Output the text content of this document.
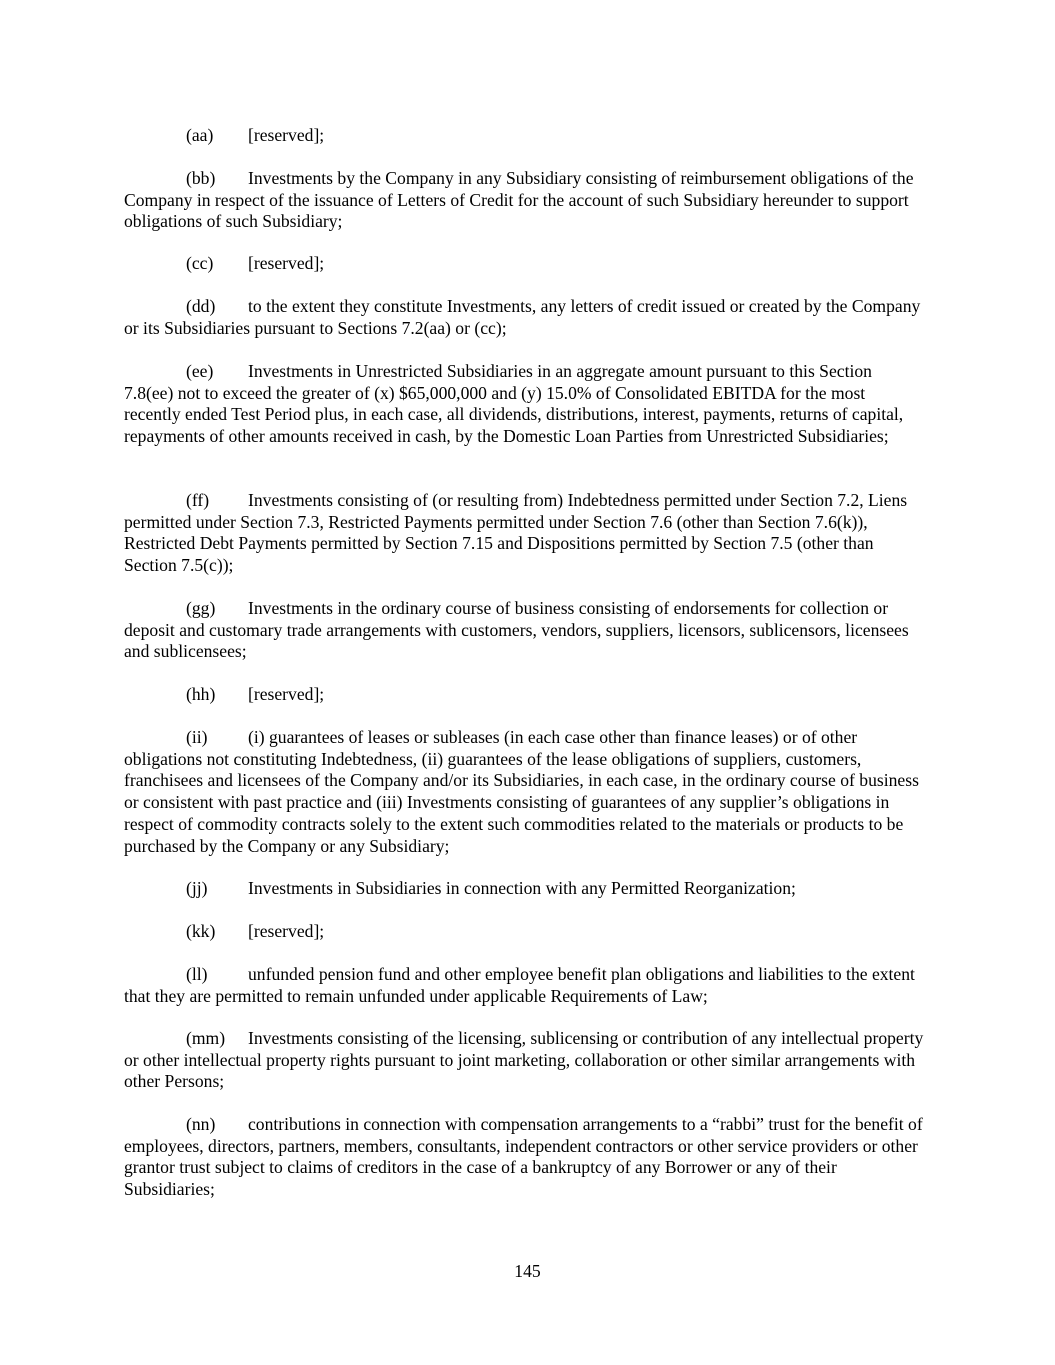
(aa) [reserved];

(bb) Investments by the Company in any Subsidiary consisting of reimbursement obligations of the Company in respect of the issuance of Letters of Credit for the account of such Subsidiary hereunder to support obligations of such Subsidiary;

(cc) [reserved];

(dd) to the extent they constitute Investments, any letters of credit issued or created by the Company or its Subsidiaries pursuant to Sections 7.2(aa) or (cc);

(ee) Investments in Unrestricted Subsidiaries in an aggregate amount pursuant to this Section 7.8(ee) not to exceed the greater of (x) $65,000,000 and (y) 15.0% of Consolidated EBITDA for the most recently ended Test Period plus, in each case, all dividends, distributions, interest, payments, returns of capital, repayments of other amounts received in cash, by the Domestic Loan Parties from Unrestricted Subsidiaries;

(ff) Investments consisting of (or resulting from) Indebtedness permitted under Section 7.2, Liens permitted under Section 7.3, Restricted Payments permitted under Section 7.6 (other than Section 7.6(k)), Restricted Debt Payments permitted by Section 7.15 and Dispositions permitted by Section 7.5 (other than Section 7.5(c));

(gg) Investments in the ordinary course of business consisting of endorsements for collection or deposit and customary trade arrangements with customers, vendors, suppliers, licensors, sublicensors, licensees and sublicensees;

(hh) [reserved];

(ii) (i) guarantees of leases or subleases (in each case other than finance leases) or of other obligations not constituting Indebtedness, (ii) guarantees of the lease obligations of suppliers, customers, franchisees and licensees of the Company and/or its Subsidiaries, in each case, in the ordinary course of business or consistent with past practice and (iii) Investments consisting of guarantees of any supplier’s obligations in respect of commodity contracts solely to the extent such commodities related to the materials or products to be purchased by the Company or any Subsidiary;

(jj) Investments in Subsidiaries in connection with any Permitted Reorganization;

(kk) [reserved];

(ll) unfunded pension fund and other employee benefit plan obligations and liabilities to the extent that they are permitted to remain unfunded under applicable Requirements of Law;

(mm) Investments consisting of the licensing, sublicensing or contribution of any intellectual property or other intellectual property rights pursuant to joint marketing, collaboration or other similar arrangements with other Persons;

(nn) contributions in connection with compensation arrangements to a “rabbi” trust for the benefit of employees, directors, partners, members, consultants, independent contractors or other service providers or other grantor trust subject to claims of creditors in the case of a bankruptcy of any Borrower or any of their Subsidiaries;

145
